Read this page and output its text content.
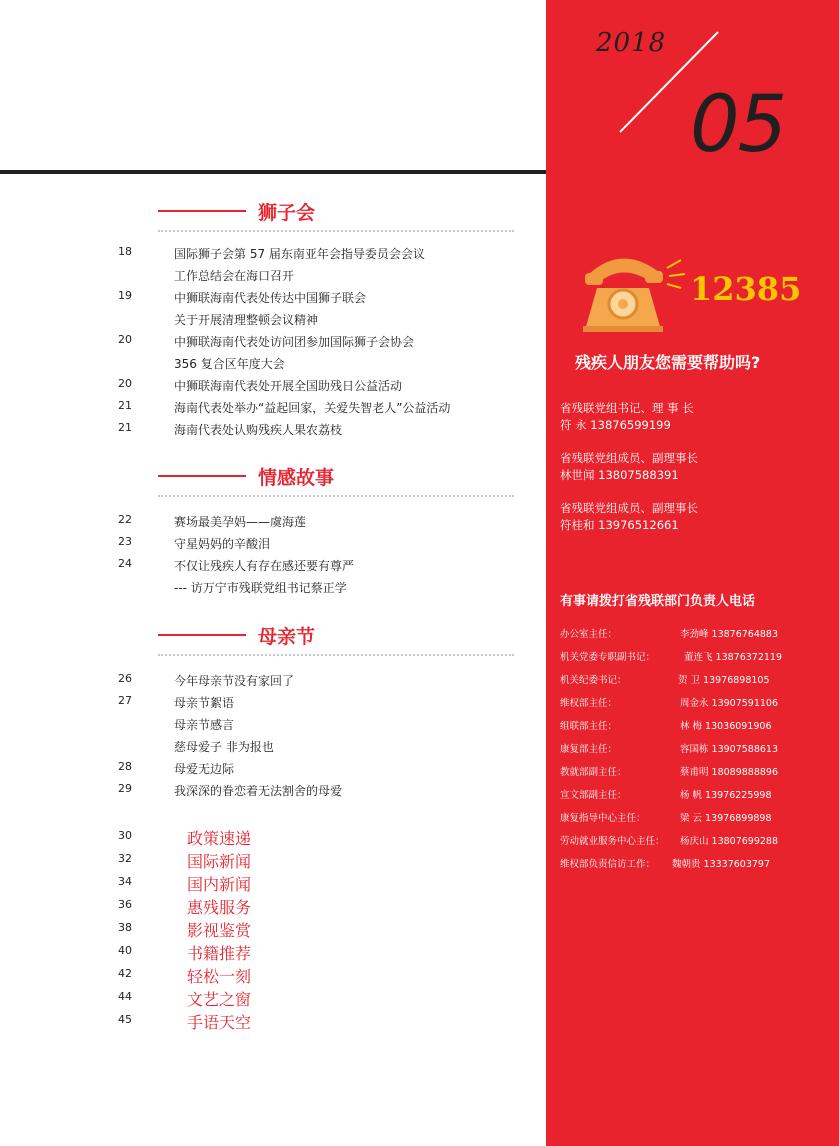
2018
05
12385
残疾人朋友您需要帮助吗?
省残联党组书记、理 事 长
符 永 13876599199
省残联党组成员、副理事长
林世闻 13807588391
省残联党组成员、副理事长
符桂和 13976512661
有事请拨打省残联部门负责人电话
办公室主任：	李劲峰 13876764883
机关党委专职副书记：	董连飞 13876372119
机关纪委书记：	贺 卫 13976898105
维权部主任：	周金永 13907591106
组联部主任：	林 梅 13036091906
康复部主任：	容国栋 13907588613
教就部副主任：	蔡甫明 18089888896
宣文部副主任：	杨 帆 13976225998
康复指导中心主任：	梁 云 13976899898
劳动就业服务中心主任： 杨庆山 13807699288
维权部负责信访工作： 魏朝贵 13337603797
狮子会
18	国际狮子会第 57 届东南亚年会指导委员会会议
工作总结会在海口召开
19	中狮联海南代表处传达中国狮子联会
关于开展清理整顿会议精神
20	中狮联海南代表处访问团参加国际狮子会协会
356 复合区年度大会
20	中狮联海南代表处开展全国助残日公益活动
21	海南代表处举办“益起回家，关爱失智老人”公益活动
21	海南代表处认购残疾人果农荔枝
情感故事
22	赛场最美孕妈——虞海莲
23	守星妈妈的辛酸泪
24	不仅让残疾人有存在感还要有尊严
--- 访万宁市残联党组书记蔡正学
母亲节
26	今年母亲节没有家回了
27	母亲节絮语
母亲节感言
慈母爱子 非为报也
28	母爱无边际
29	我深深的眷恋着无法割舍的母爱
30	政策速递
32	国际新闻
34	国内新闻
36	惠残服务
38	影视鉴赏
40	书籍推荐
42	轻松一刻
44	文艺之窗
45	手语天空
